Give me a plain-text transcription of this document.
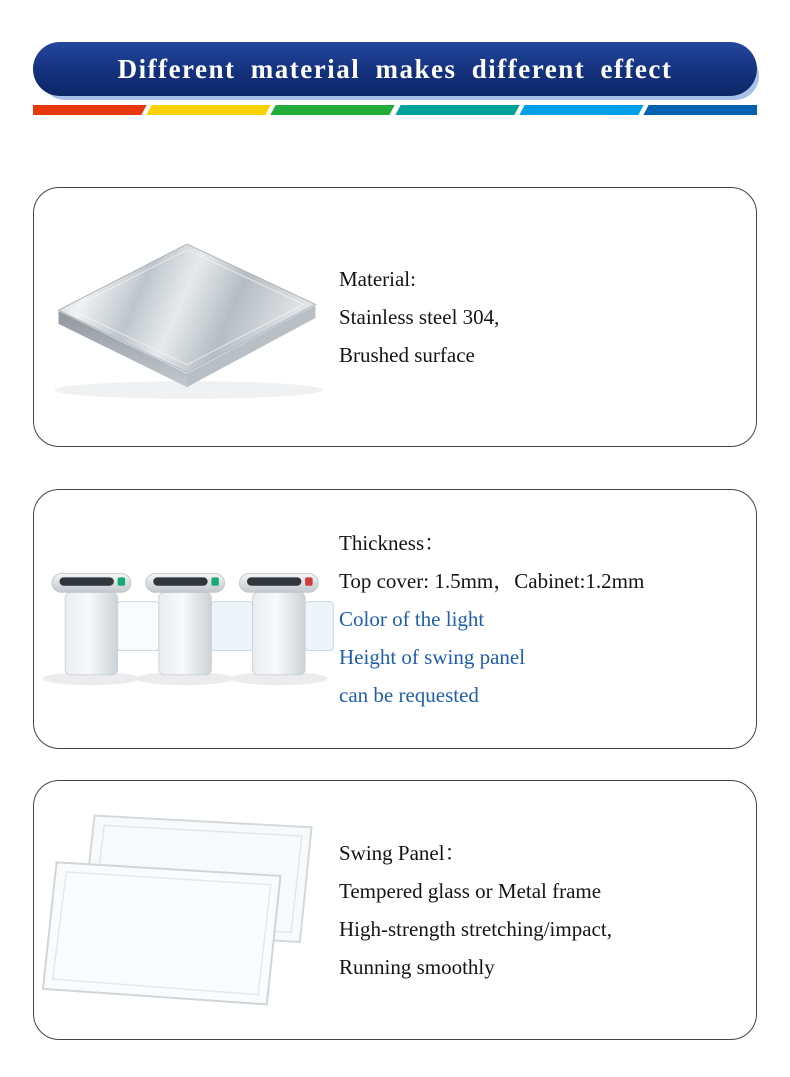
Different material makes different effect

Material:

Stainless steel 304,

Brushed surface

Thickness：

Top cover: 1.5mm，Cabinet:1.2mm

Color of the light

Height of swing panel

can be requested

Swing Panel：

Tempered glass or Metal frame

High-strength stretching/impact,

Running smoothly
